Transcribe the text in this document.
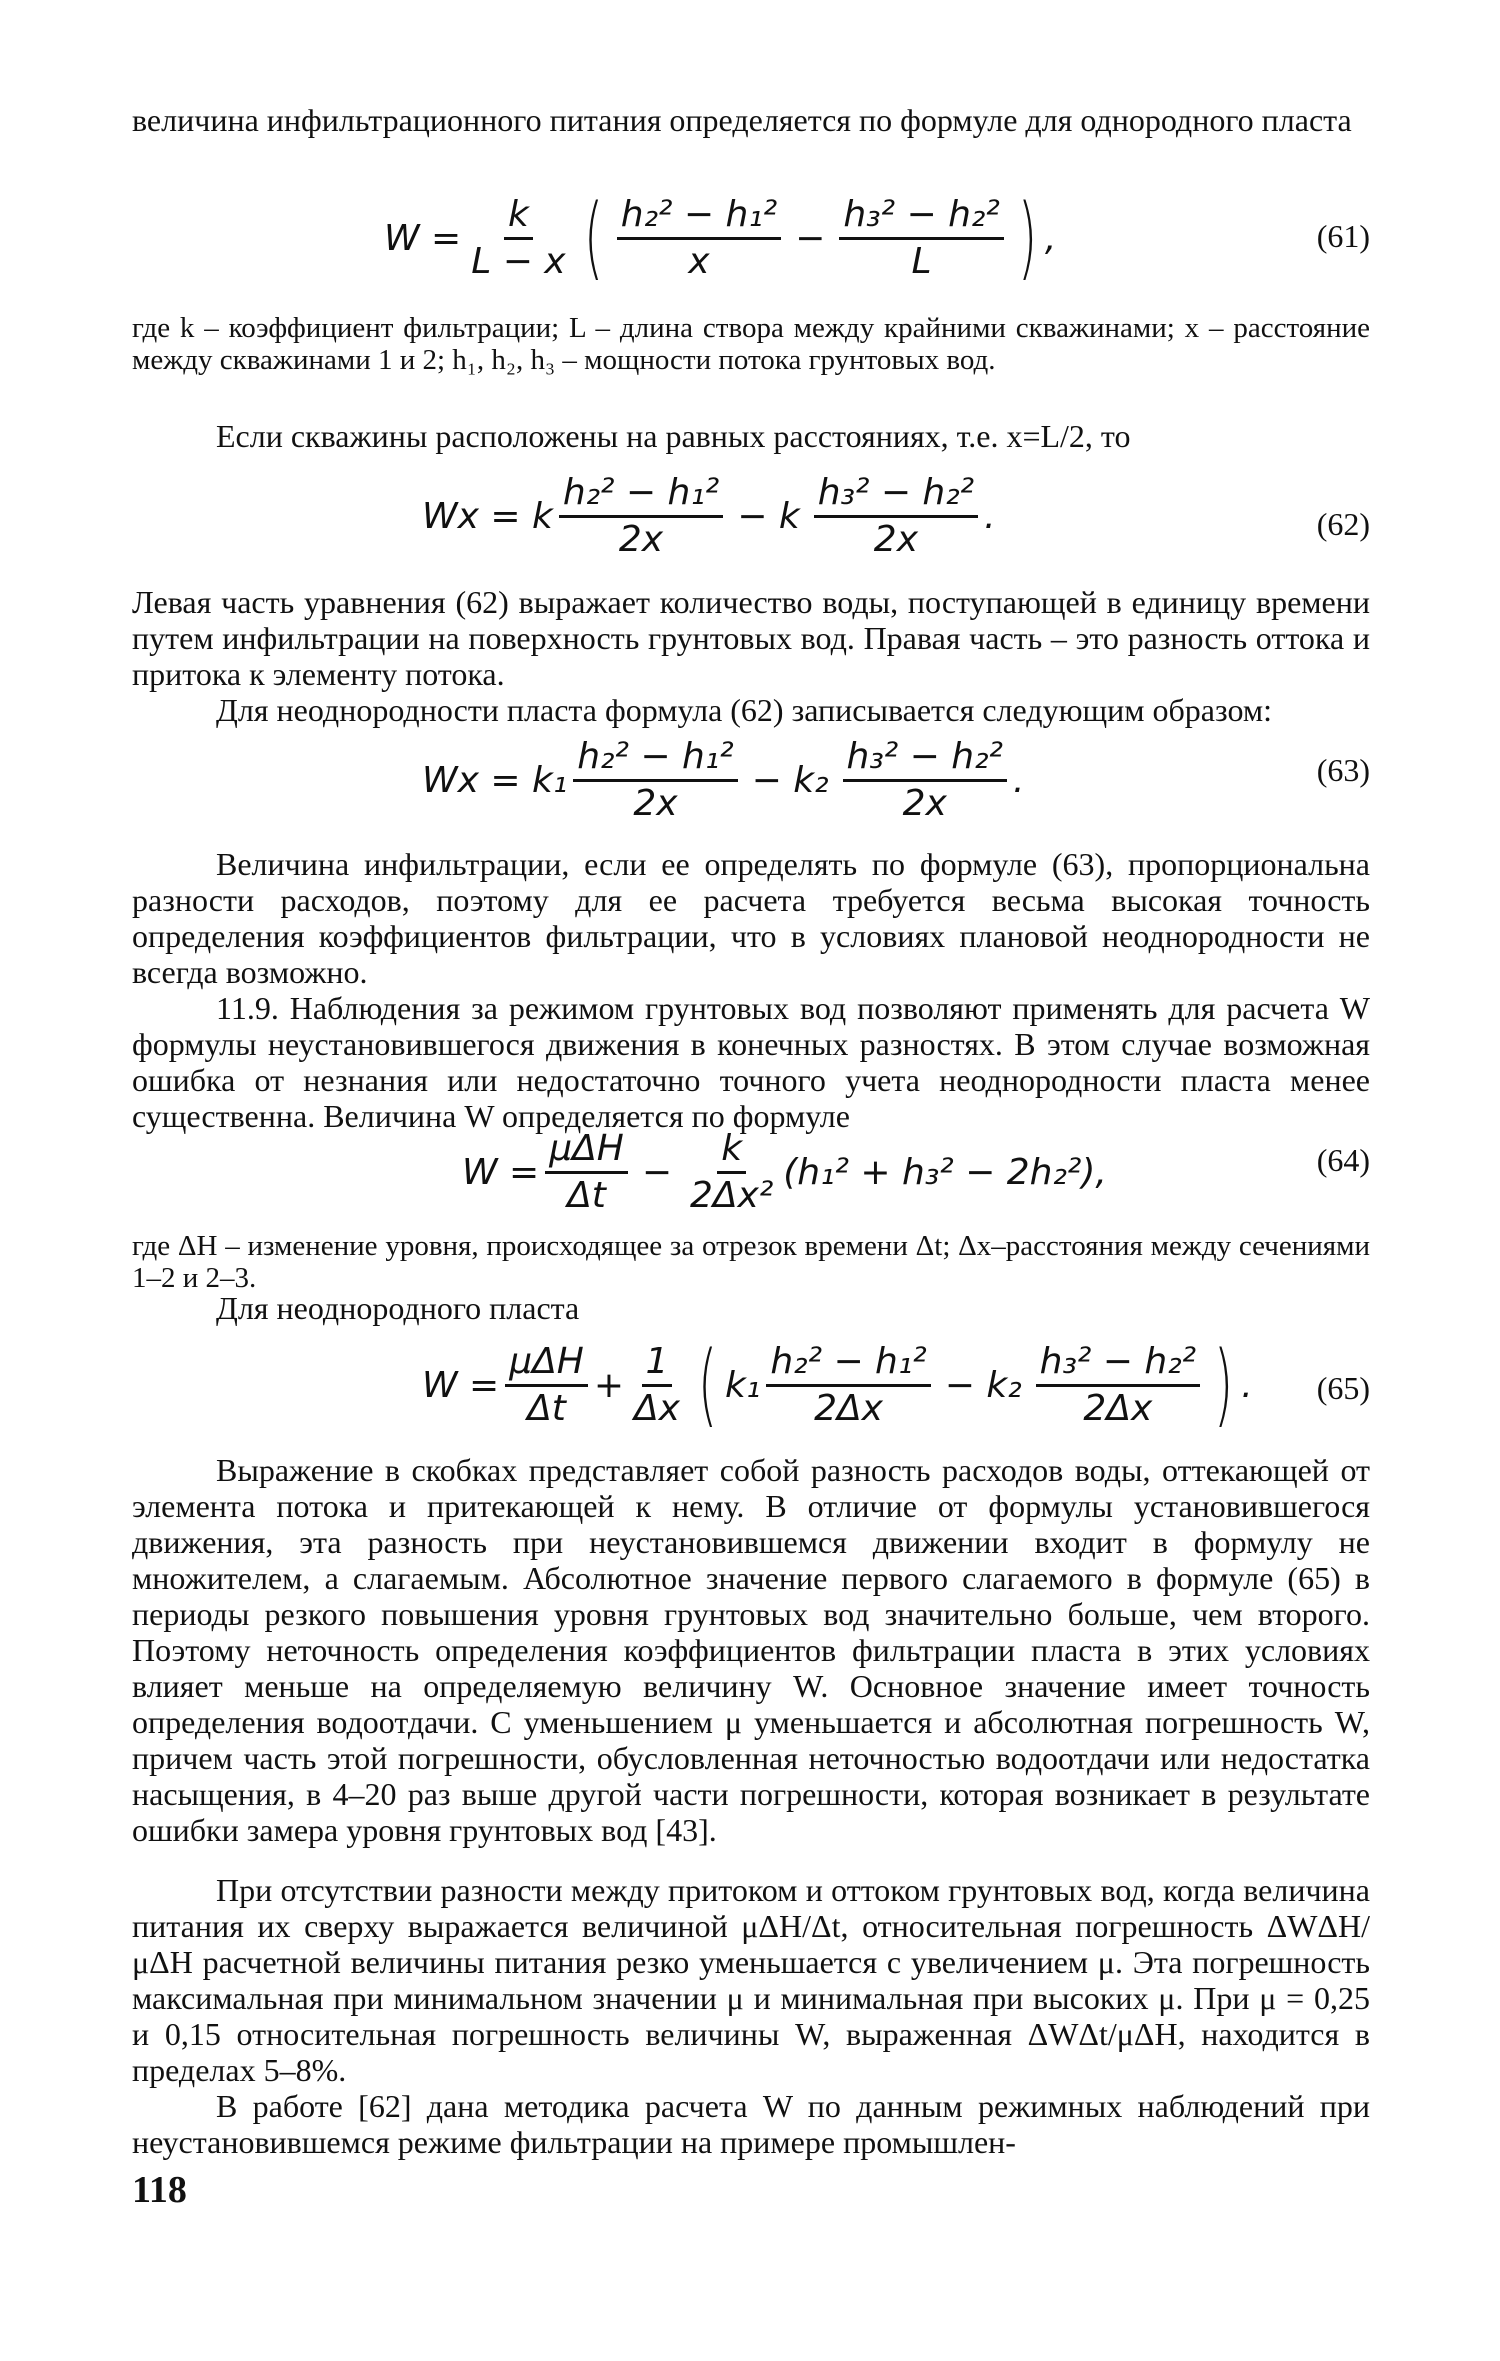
величина инфильтрационного питания определяется по формуле для однородного пласта

$W = \frac{k}{L - x}$ ( $\frac{\text{h₂² − h₁²}}{x} - \frac{\text{h₃² − h₂²}}{L}$ ) ,	(61)

где k – коэффициент фильтрации; L – длина створа между крайними скважинами; x – расстояние между скважинами 1 и 2; h₁, h₂, h₃ – мощности потока грунтовых вод.

Если скважины расположены на равных расстояниях, т.е. x=L/2, то

Wx = k $\frac{\text{h₂² − h₁²}}{2x} - k \frac{\text{h₃² − h₂²}}{2x}$ .	(62)

Левая часть уравнения (62) выражает количество воды, поступающей в единицу времени путем инфильтрации на поверхность грунтовых вод. Правая часть – это разность оттока и притока к элементу потока.

Для неоднородности пласта формула (62) записывается следующим образом:

$Wx = k_1 \frac{\text{h₂² − h₁²}}{2x} - k_2 \frac{\text{h₃² − h₂²}}{2x}$ .	(63)

Величина инфильтрации, если ее определять по формуле (63), пропорциональна разности расходов, поэтому для ее расчета требуется весьма высокая точность определения коэффициентов фильтрации, что в условиях плановой неоднородности не всегда возможно.

11.9. Наблюдения за режимом грунтовых вод позволяют применять для расчета W формулы неустановившегося движения в конечных разностях. В этом случае возможная ошибка от незнания или недостаточно точного учета неоднородности пласта менее существенна. Величина W определяется по формуле

$W = \frac{\text{μΔH}}{\Delta t} - \frac{k}{\text{2Δx²}} (h_1^2 + h_3^2 - 2h_2^2)$,	(64)

где ΔH – изменение уровня, происходящее за отрезок времени Δt; Δx–расстояния между сечениями 1–2 и 2–3.

Для неоднородного пласта

$W = \frac{\text{μΔH}}{\Delta t} + \frac{1}{\Delta x}$ ( $k_1 \frac{\text{h₂² − h₁²}}{2\Delta x} - k_2 \frac{\text{h₃² − h₂²}}{2\Delta x}$ ) . (65)

Выражение в скобках представляет собой разность расходов воды, оттекающей от элемента потока и притекающей к нему. В отличие от формулы установившегося движения, эта разность при неустановившемся движении входит в формулу не множителем, а слагаемым. Абсолютное значение первого слагаемого в формуле (65) в периоды резкого повышения уровня грунтовых вод значительно больше, чем второго. Поэтому неточность определения коэффициентов фильтрации пласта в этих условиях влияет меньше на определяемую величину W. Основное значение имеет точность определения водоотдачи. С уменьшением μ уменьшается и абсолютная погрешность W, причем часть этой погрешности, обусловленная неточностью водоотдачи или недостатка насыщения, в 4–20 раз выше другой части погрешности, которая возникает в результате ошибки замера уровня грунтовых вод [43].

При отсутствии разности между притоком и оттоком грунтовых вод, когда величина питания их сверху выражается величиной μΔH/Δt, относительная погрешность ΔWΔH/μΔH расчетной величины питания резко уменьшается с увеличением μ. Эта погрешность максимальная при минимальном значении μ и минимальная при высоких μ. При μ = 0,25 и 0,15 относительная погрешность величины W, выраженная ΔWΔt/μΔH, находится в пределах 5–8%.

В работе [62] дана методика расчета W по данным режимных наблюдений при неустановившемся режиме фильтрации на примере промышлен-

118
